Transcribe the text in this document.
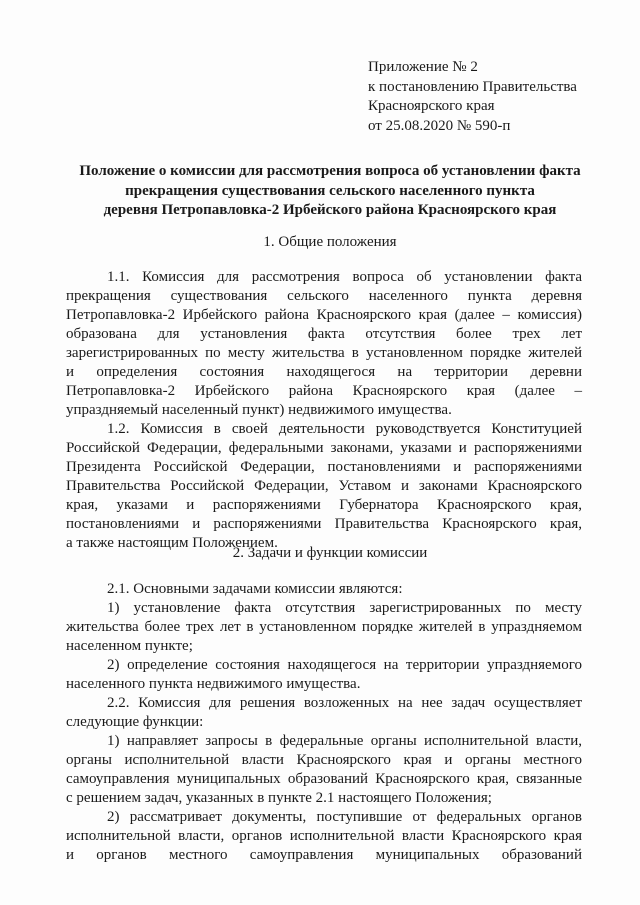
Приложение № 2
к постановлению Правительства
Красноярского края
от 25.08.2020 № 590-п
Положение о комиссии для рассмотрения вопроса об установлении факта
прекращения существования сельского населенного пункта
деревня Петропавловка-2 Ирбейского района Красноярского края
1. Общие положения
1.1. Комиссия для рассмотрения вопроса об установлении факта
прекращения существования сельского населенного пункта деревня
Петропавловка-2 Ирбейского района Красноярского края (далее – комиссия)
образована для установления факта отсутствия более трех лет
зарегистрированных по месту жительства в установленном порядке жителей
и определения состояния находящегося на территории деревни
Петропавловка-2 Ирбейского района Красноярского края (далее –
упраздняемый населенный пункт) недвижимого имущества.
1.2. Комиссия в своей деятельности руководствуется Конституцией
Российской Федерации, федеральными законами, указами и распоряжениями
Президента Российской Федерации, постановлениями и распоряжениями
Правительства Российской Федерации, Уставом и законами Красноярского
края, указами и распоряжениями Губернатора Красноярского края,
постановлениями и распоряжениями Правительства Красноярского края,
а также настоящим Положением.
2. Задачи и функции комиссии
2.1. Основными задачами комиссии являются:
1) установление факта отсутствия зарегистрированных по месту
жительства более трех лет в установленном порядке жителей в упраздняемом
населенном пункте;
2) определение состояния находящегося на территории упраздняемого
населенного пункта недвижимого имущества.
2.2. Комиссия для решения возложенных на нее задач осуществляет
следующие функции:
1) направляет запросы в федеральные органы исполнительной власти,
органы исполнительной власти Красноярского края и органы местного
самоуправления муниципальных образований Красноярского края, связанные
с решением задач, указанных в пункте 2.1 настоящего Положения;
2) рассматривает документы, поступившие от федеральных органов
исполнительной власти, органов исполнительной власти Красноярского края
и органов местного самоуправления муниципальных образований
